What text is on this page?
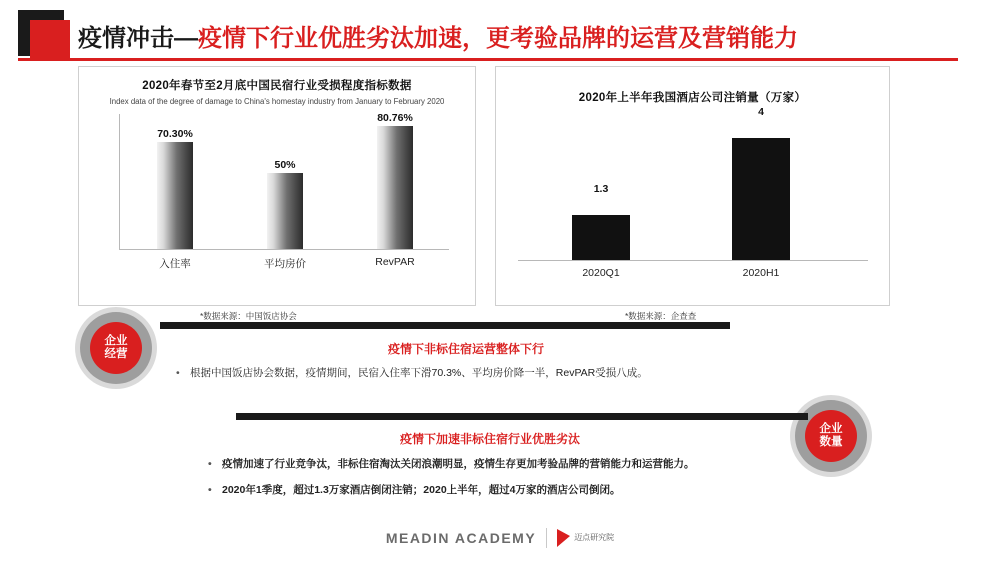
疫情冲击—疫情下行业优胜劣汰加速，更考验品牌的运营及营销能力
2020年春节至2月底中国民宿行业受损程度指标数据
Index data of the degree of damage to China's homestay industry from January to February 2020
70.30%
入住率
50%
平均房价
80.76%
RevPAR
*数据来源：中国饭店协会
2020年上半年我国酒店公司注销量（万家）
1.3
2020Q1
4
2020H1
*数据来源：企查查
企业
经营	疫情下非标住宿运营整体下行
• 根据中国饭店协会数据，疫情期间，民宿入住率下滑70.3%、平均房价降一半，RevPAR受损八成。
企业
数量
疫情下加速非标住宿行业优胜劣汰
• 疫情加速了行业竞争汰，非标住宿淘汰关闭浪潮明显，疫情生存更加考验品牌的营销能力和运营能力。
• 2020年1季度，超过1.3万家酒店倒闭注销；2020上半年，超过4万家的酒店公司倒闭。
MEADIN ACADEMY	迈点研究院
